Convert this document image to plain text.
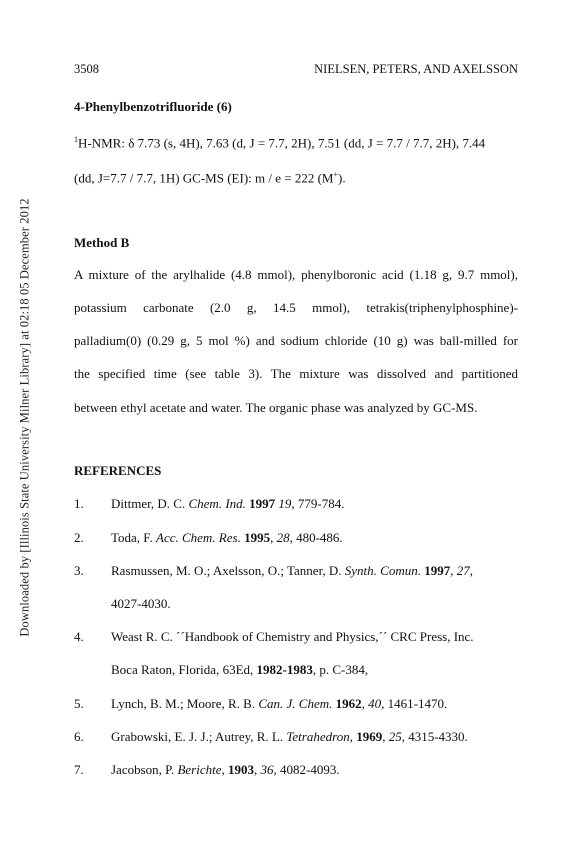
Downloaded by [Illinois State University Milner Library] at 02:18 05 December 2012
3508	NIELSEN, PETERS, AND AXELSSON
4-Phenylbenzotrifluoride (6)
$^1$H-NMR: δ 7.73 (s, 4H), 7.63 (d, J = 7.7, 2H), 7.51 (dd, J = 7.7 / 7.7, 2H), 7.44
(dd, J=7.7 / 7.7, 1H) GC-MS (EI): m / e = 222 (M+).
Method B
A mixture of the arylhalide (4.8 mmol), phenylboronic acid (1.18 g, 9.7 mmol),
potassium carbonate (2.0 g, 14.5 mmol), tetrakis(triphenylphosphine)-
palladium(0) (0.29 g, 5 mol %) and sodium chloride (10 g) was ball-milled for
the specified time (see table 3). The mixture was dissolved and partitioned
between ethyl acetate and water. The organic phase was analyzed by GC-MS.
REFERENCES
1. Dittmer, D. C. Chem. Ind. 1997 19, 779-784.
2. Toda, F. Acc. Chem. Res. 1995, 28, 480-486.
3. Rasmussen, M. O.; Axelsson, O.; Tanner, D. Synth. Comun. 1997, 27,
4027-4030.
4. Weast R. C. ´´Handbook of Chemistry and Physics,´´ CRC Press, Inc.
Boca Raton, Florida, 63Ed, 1982-1983, p. C-384,
5. Lynch, B. M.; Moore, R. B. Can. J. Chem. 1962, 40, 1461-1470.
6. Grabowski, E. J. J.; Autrey, R. L. Tetrahedron, 1969, 25, 4315-4330.
7. Jacobson, P. Berichte, 1903, 36, 4082-4093.
